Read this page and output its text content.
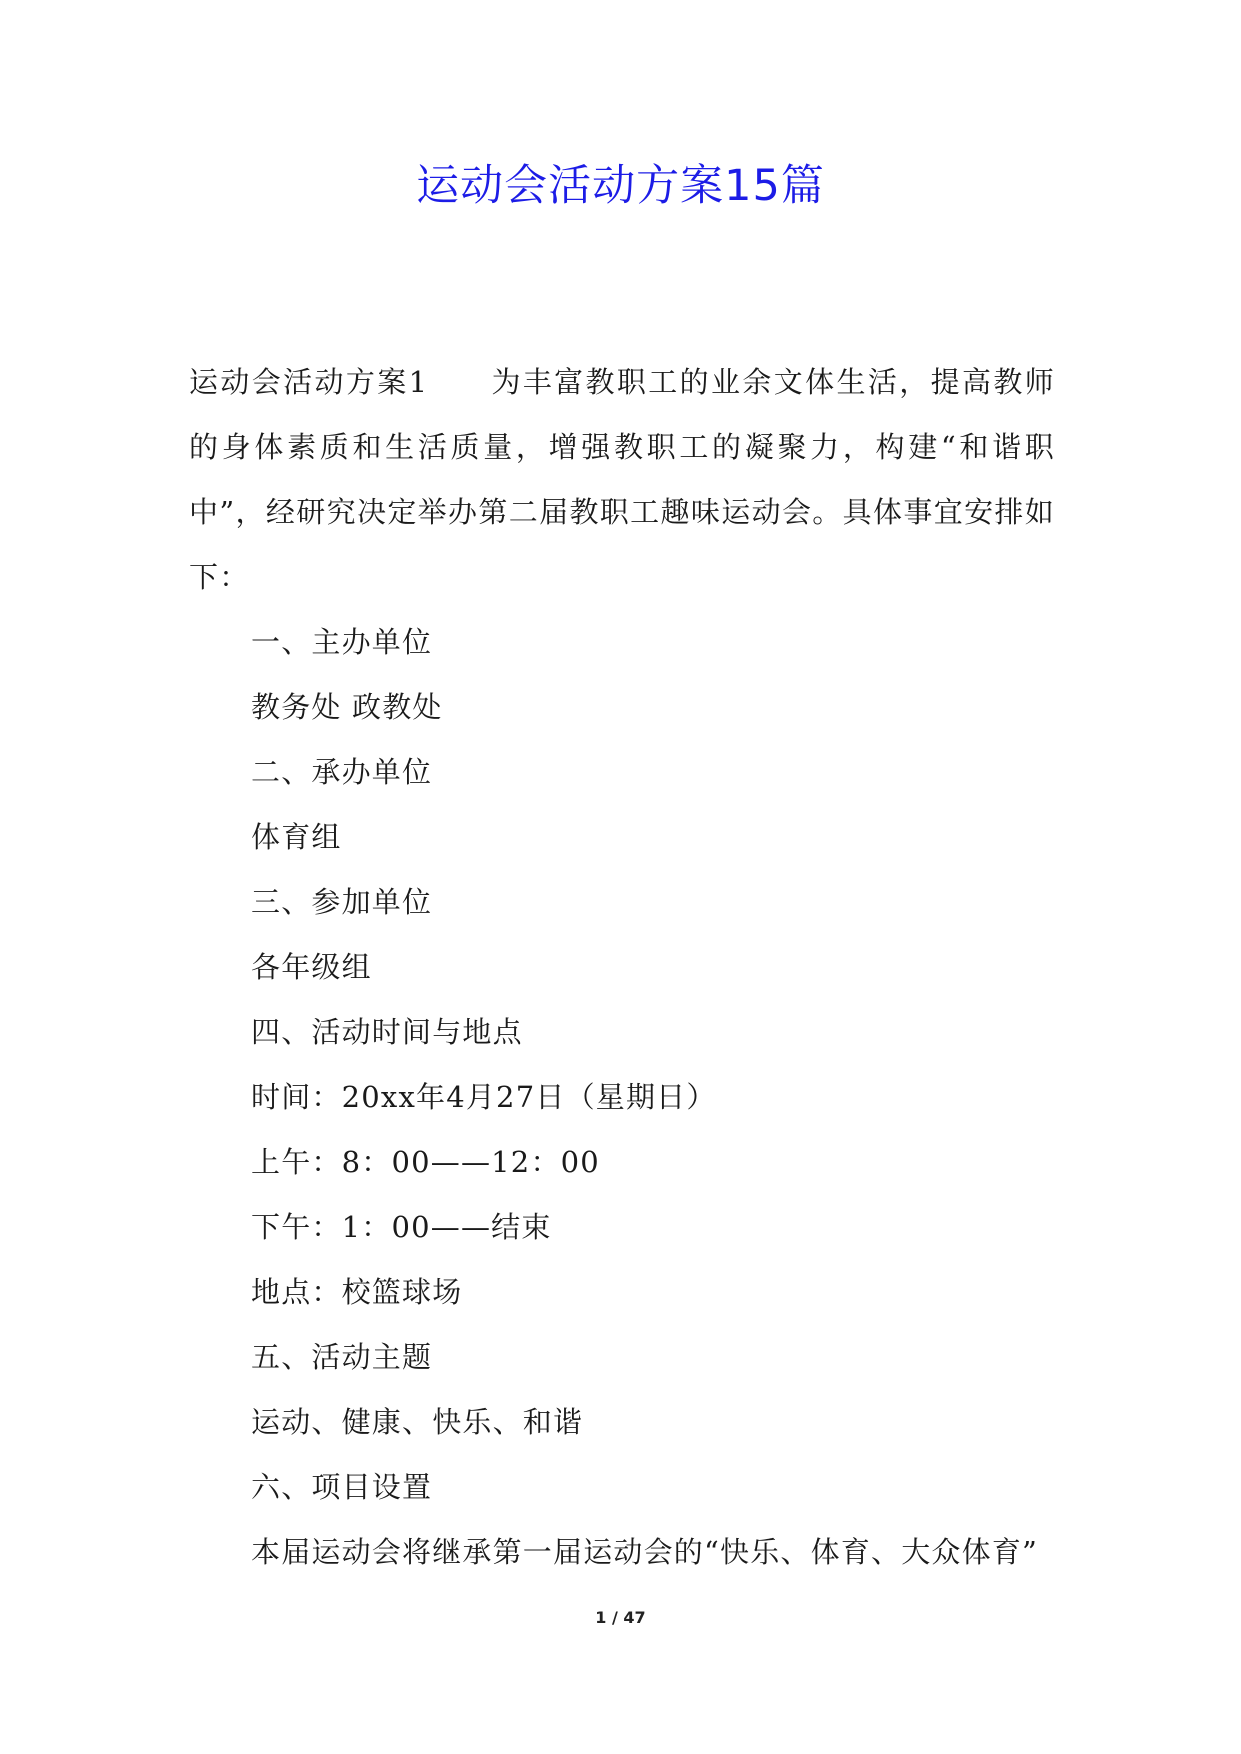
运动会活动方案15篇

运动会活动方案1 为丰富教职工的业余文体生活，提高教师的身体素质和生活质量，增强教职工的凝聚力，构建“和谐职中”，经研究决定举办第二届教职工趣味运动会。具体事宜安排如下：

一、主办单位

教务处 政教处

二、承办单位

体育组

三、参加单位

各年级组

四、活动时间与地点

时间：20xx年4月27日（星期日）

上午：8：00——12：00

下午：1：00——结束

地点：校篮球场

五、活动主题

运动、健康、快乐、和谐

六、项目设置

本届运动会将继承第一届运动会的“快乐、体育、大众体育”

1 / 47
